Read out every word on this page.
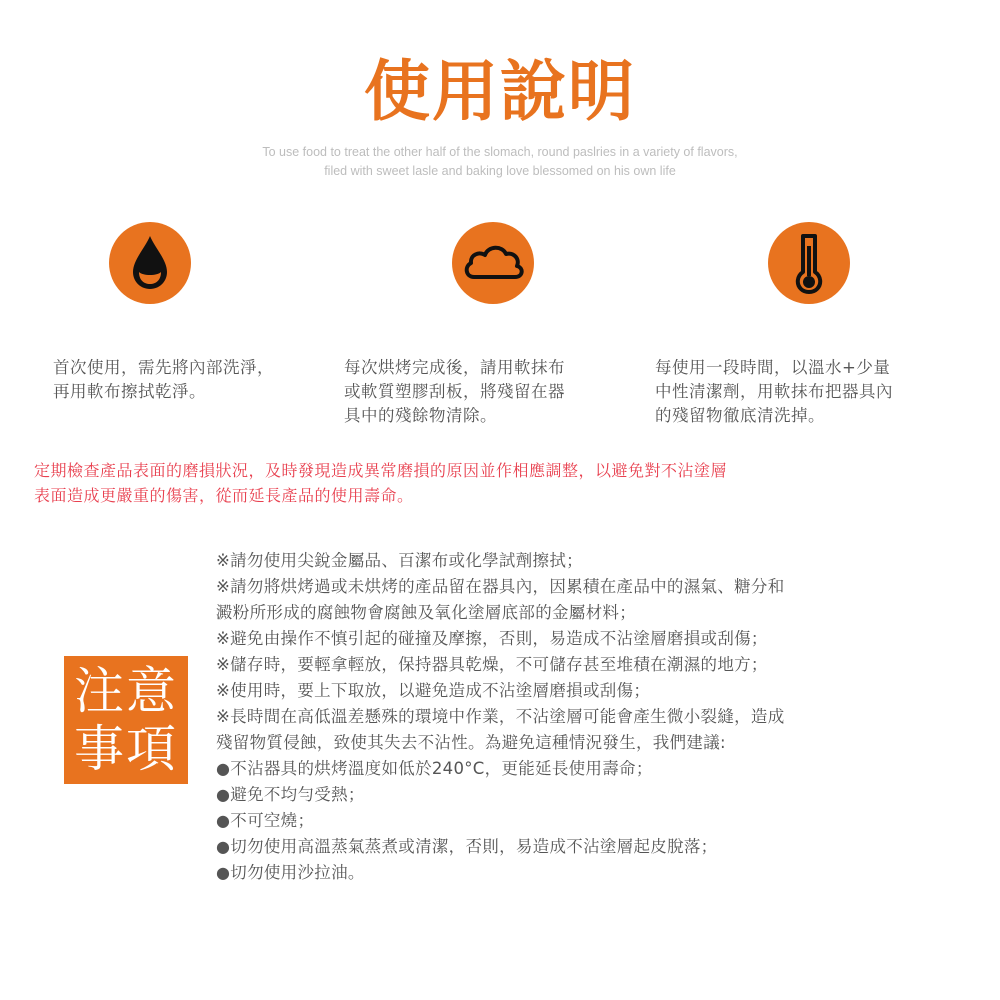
使用說明
To use food to treat the other half of the slomach, round paslries in a variety of flavors,
filed with sweet lasle and baking love blessomed on his own life
首次使用，需先將內部洗淨，
再用軟布擦拭乾淨。
每次烘烤完成後，請用軟抹布
或軟質塑膠刮板，將殘留在器
具中的殘餘物清除。
每使用一段時間，以溫水+少量
中性清潔劑，用軟抹布把器具內
的殘留物徹底清洗掉。
定期檢查產品表面的磨損狀況，及時發現造成異常磨損的原因並作相應調整，以避免對不沾塗層
表面造成更嚴重的傷害，從而延長產品的使用壽命。
注意
事項

※請勿使用尖銳金屬品、百潔布或化學試劑擦拭；

※請勿將烘烤過或未烘烤的產品留在器具內，因累積在產品中的濕氣、糖分和

澱粉所形成的腐蝕物會腐蝕及氧化塗層底部的金屬材料；

※避免由操作不慎引起的碰撞及摩擦，否則，易造成不沾塗層磨損或刮傷；

※儲存時，要輕拿輕放，保持器具乾燥，不可儲存甚至堆積在潮濕的地方；

※使用時，要上下取放，以避免造成不沾塗層磨損或刮傷；

※長時間在高低溫差懸殊的環境中作業，不沾塗層可能會產生微小裂縫，造成

殘留物質侵蝕，致使其失去不沾性。為避免這種情況發生，我們建議:

●不沾器具的烘烤溫度如低於240°C，更能延長使用壽命；

●避免不均勻受熱；

●不可空燒；

●切勿使用高溫蒸氣蒸煮或清潔，否則，易造成不沾塗層起皮脫落；

●切勿使用沙拉油。
